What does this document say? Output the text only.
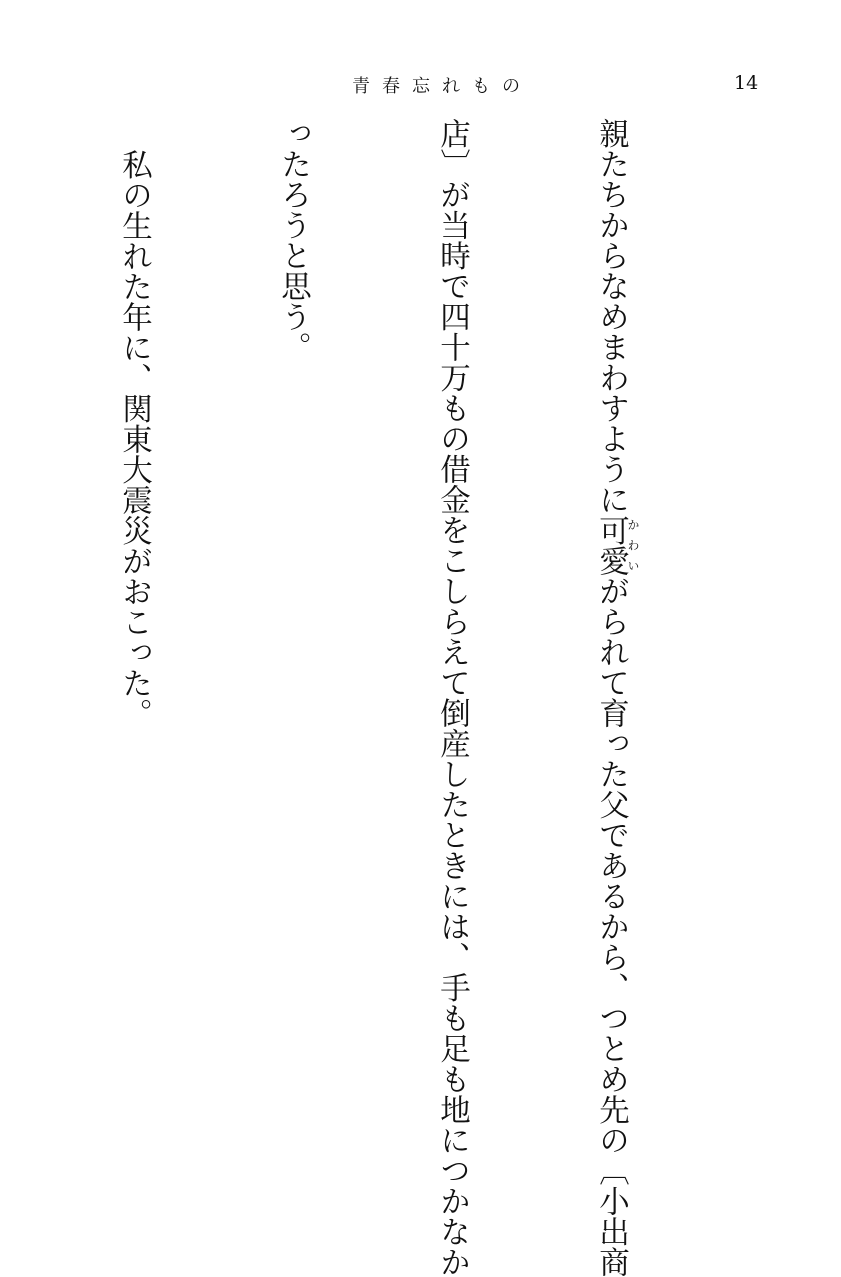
青春忘れもの	14

親たちからなめまわすように可愛かわいがられて育った父であるから、つとめ先の〔小出商

店〕が当時で四十万もの借金をこしらえて倒産したときには、手も足も地につかなか

ったろうと思う。

私の生れた年に、関東大震災がおこった。
